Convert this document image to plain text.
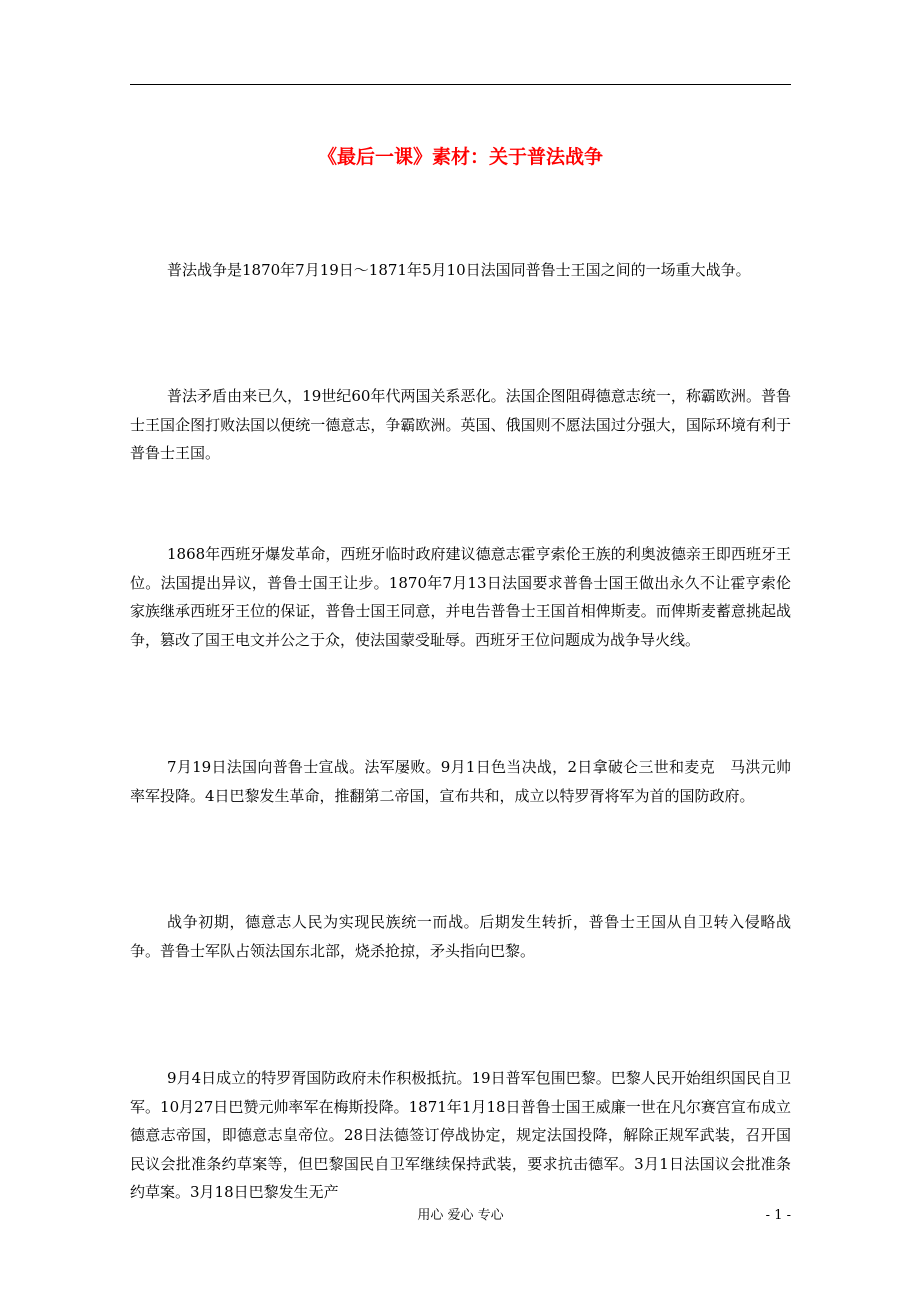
《最后一课》素材：关于普法战争

普法战争是1870年7月19日～1871年5月10日法国同普鲁士王国之间的一场重大战争。

普法矛盾由来已久，19世纪60年代两国关系恶化。法国企图阻碍德意志统一，称霸欧洲。普鲁士王国企图打败法国以便统一德意志，争霸欧洲。英国、俄国则不愿法国过分强大，国际环境有利于普鲁士王国。

1868年西班牙爆发革命，西班牙临时政府建议德意志霍亨索伦王族的利奥波德亲王即西班牙王位。法国提出异议，普鲁士国王让步。1870年7月13日法国要求普鲁士国王做出永久不让霍亨索伦家族继承西班牙王位的保证，普鲁士国王同意，并电告普鲁士王国首相俾斯麦。而俾斯麦蓄意挑起战争，篡改了国王电文并公之于众，使法国蒙受耻辱。西班牙王位问题成为战争导火线。

7月19日法国向普鲁士宣战。法军屡败。9月1日色当决战，2日拿破仑三世和麦克　马洪元帅率军投降。4日巴黎发生革命，推翻第二帝国，宣布共和，成立以特罗胥将军为首的国防政府。

战争初期，德意志人民为实现民族统一而战。后期发生转折，普鲁士王国从自卫转入侵略战争。普鲁士军队占领法国东北部，烧杀抢掠，矛头指向巴黎。

9月4日成立的特罗胥国防政府未作积极抵抗。19日普军包围巴黎。巴黎人民开始组织国民自卫军。10月27日巴赞元帅率军在梅斯投降。1871年1月18日普鲁士国王威廉一世在凡尔赛宫宣布成立德意志帝国，即德意志皇帝位。28日法德签订停战协定，规定法国投降，解除正规军武装，召开国民议会批准条约草案等，但巴黎国民自卫军继续保持武装，要求抗击德军。3月1日法国议会批准条约草案。3月18日巴黎发生无产

用心 爱心 专心	- 1 -
